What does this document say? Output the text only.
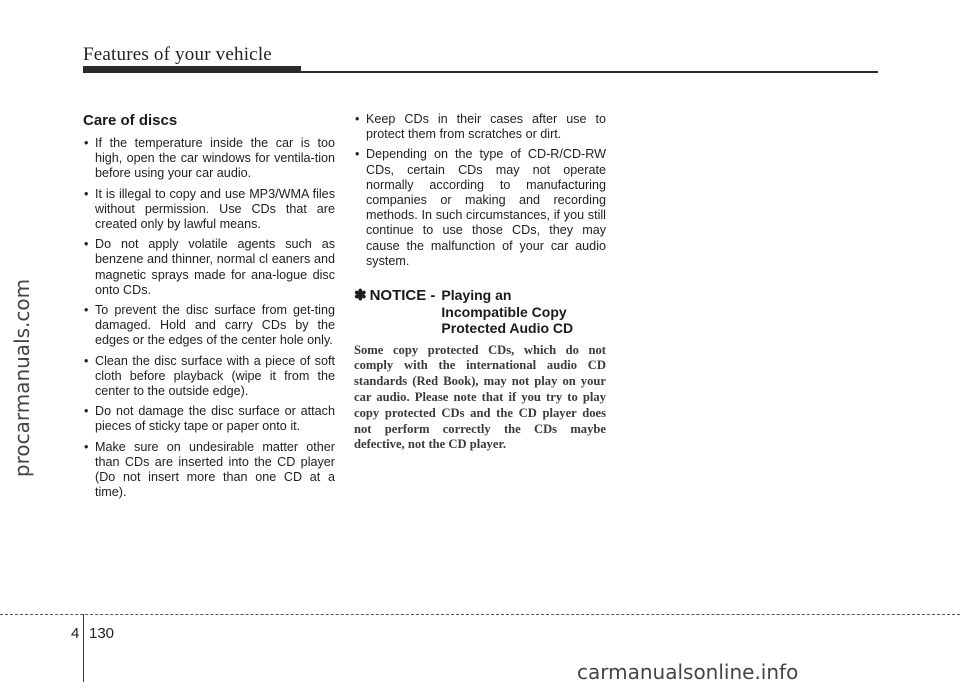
Features of your vehicle
procarmanuals.com
Care of discs
• If the temperature inside the car is too high, open the car windows for ventila-tion before using your car audio.
• It is illegal to copy and use MP3/WMA files without permission. Use CDs that are created only by lawful means.
• Do not apply volatile agents such as benzene and thinner, normal cl eaners and magnetic sprays made for ana-logue disc onto CDs.
• To prevent the disc surface from get-ting damaged. Hold and carry CDs by the edges or the edges of the center hole only.
• Clean the disc surface with a piece of soft cloth before playback (wipe it from the center to the outside edge).
• Do not damage the disc surface or attach pieces of sticky tape or paper onto it.
• Make sure on undesirable matter other than CDs are inserted into the CD player (Do not insert more than one CD at a time).
• Keep CDs in their cases after use to protect them from scratches or dirt.
• Depending on the type of CD-R/CD-RW CDs, certain CDs may not operate normally according to manufacturing companies or making and recording methods. In such circumstances, if you still continue to use those CDs, they may cause the malfunction of your car audio system.
✽ NOTICE - Playing an
Incompatible Copy
Protected Audio CD
Some copy protected CDs, which do not comply with the international audio CD standards (Red Book), may not play on your car audio. Please note that if you try to play copy protected CDs and the CD player does not perform correctly the CDs maybe defective, not the CD player.
4 130
carmanualsonline.info
